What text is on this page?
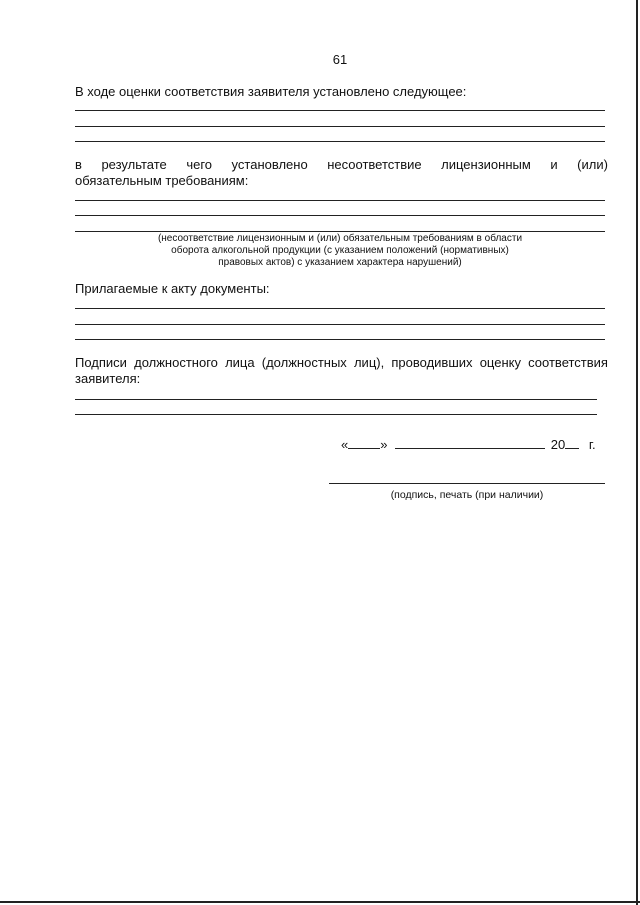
61
В ходе оценки соответствия заявителя установлено следующее:
в результате чего установлено несоответствие лицензионным и (или)
обязательным требованиям:
(несоответствие лицензионным и (или) обязательным требованиям в области
оборота алкогольной продукции (с указанием положений (нормативных)
правовых актов) с указанием характера нарушений)
Прилагаемые к акту документы:
Подписи должностного лица (должностных лиц), проводивших оценку соответствия
заявителя:
« »	20 г.
(подпись, печать (при наличии)
